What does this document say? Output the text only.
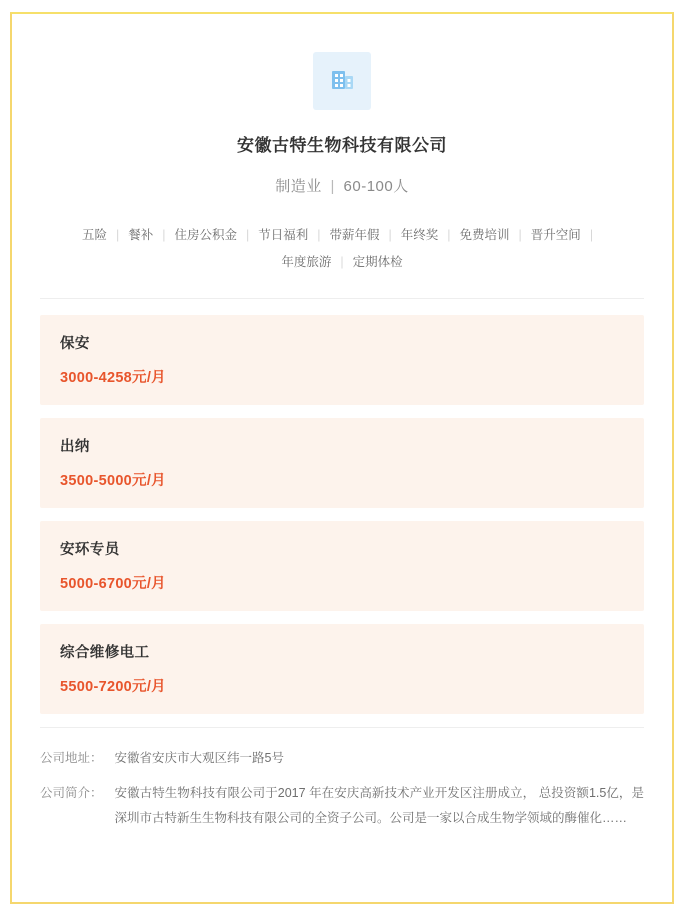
安徽古特生物科技有限公司
制造业 | 60-100人
五险 | 餐补 | 住房公积金 | 节日福利 | 带薪年假 | 年终奖 | 免费培训 | 晋升空间 |
年度旅游 | 定期体检
保安
3000-4258元/月
出纳
3500-5000元/月
安环专员
5000-6700元/月
综合维修电工
5500-7200元/月
公司地址： 安徽省安庆市大观区纬一路5号
公司简介： 安徽古特生物科技有限公司于2017 年在安庆高新技术产业开发区注册成立， 总投资额1.5亿，是深圳市古特新生生物科技有限公司的全资子公司。公司是一家以合成生物学领域的酶催化……
